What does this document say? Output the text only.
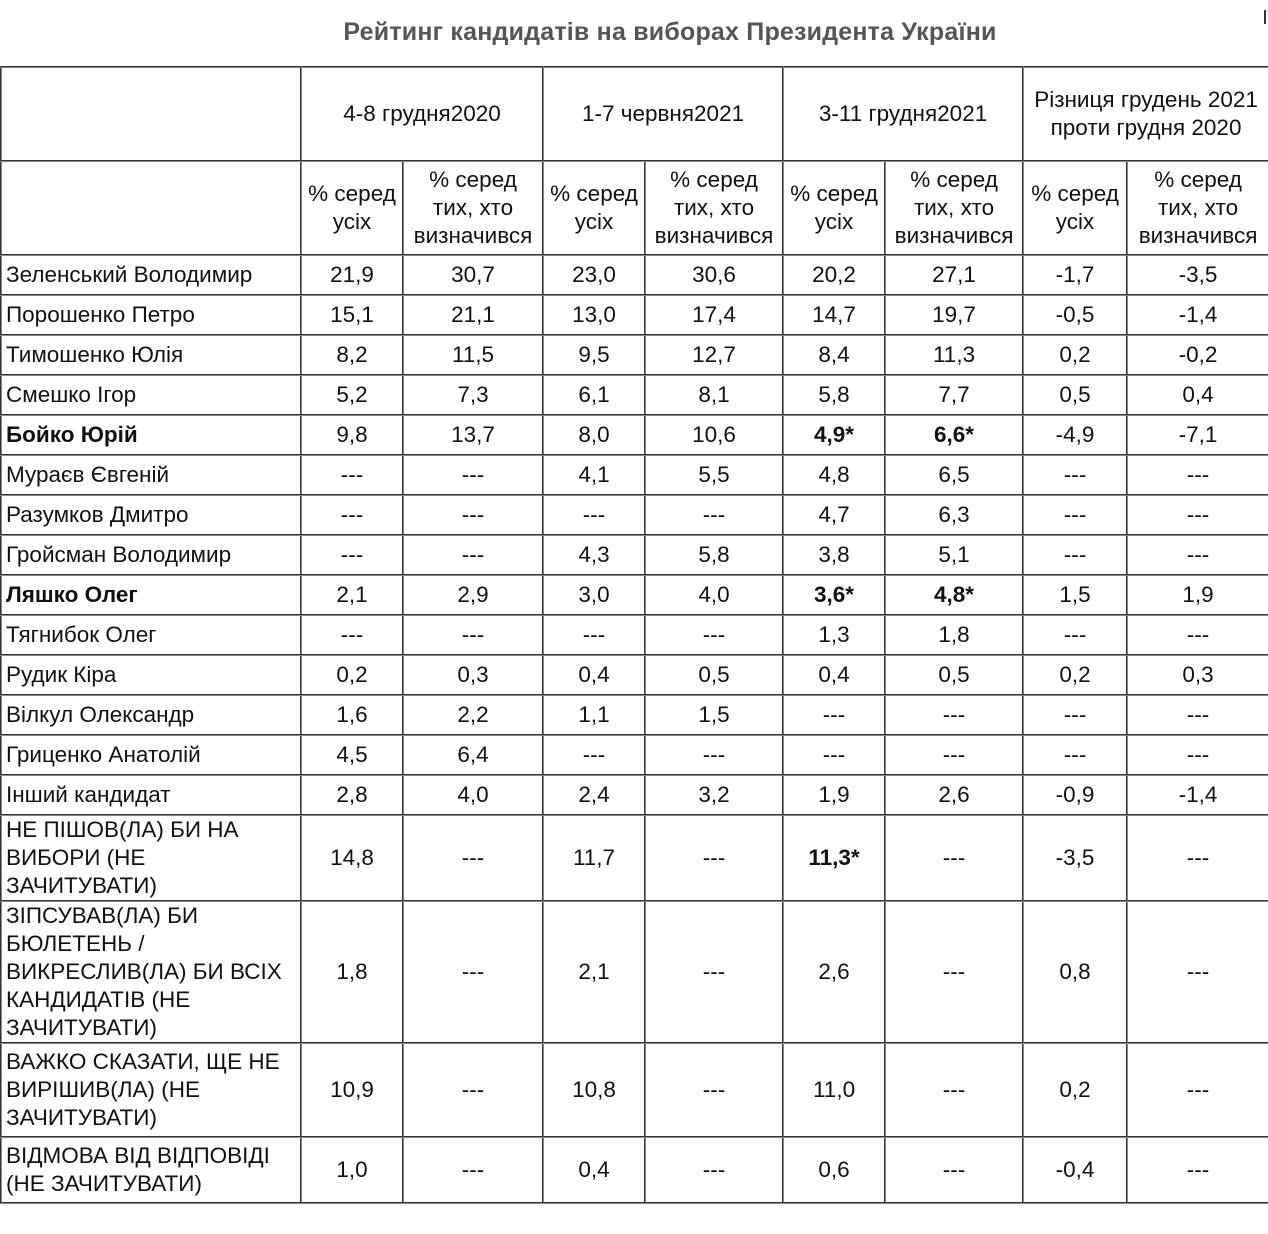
Рейтинг кандидатів на виборах Президента України
	4-8 грудня2020		1-7 червня2021		3-11 грудня2021		Різниця грудень 2021 проти грудня 2020	
	% серед усіх	% серед тих, хто визначився	% серед усіх	% серед тих, хто визначився	% серед усіх	% серед тих, хто визначився	% серед усіх	% серед тих, хто визначився
Зеленський Володимир	21,9	30,7	23,0	30,6	20,2	27,1	-1,7	-3,5
Порошенко Петро	15,1	21,1	13,0	17,4	14,7	19,7	-0,5	-1,4
Тимошенко Юлія	8,2	11,5	9,5	12,7	8,4	11,3	0,2	-0,2
Смешко Ігор	5,2	7,3	6,1	8,1	5,8	7,7	0,5	0,4
Бойко Юрій	9,8	13,7	8,0	10,6	4,9*	6,6*	-4,9	-7,1
Мураєв Євгеній	---	---	4,1	5,5	4,8	6,5	---	---
Разумков Дмитро	---	---	---	---	4,7	6,3	---	---
Гройсман Володимир	---	---	4,3	5,8	3,8	5,1	---	---
Ляшко Олег	2,1	2,9	3,0	4,0	3,6*	4,8*	1,5	1,9
Тягнибок Олег	---	---	---	---	1,3	1,8	---	---
Рудик Кіра	0,2	0,3	0,4	0,5	0,4	0,5	0,2	0,3
Вілкул Олександр	1,6	2,2	1,1	1,5	---	---	---	---
Гриценко Анатолій	4,5	6,4	---	---	---	---	---	---
Інший кандидат	2,8	4,0	2,4	3,2	1,9	2,6	-0,9	-1,4
НЕ ПІШОВ(ЛА) БИ НА ВИБОРИ (НЕ ЗАЧИТУВАТИ)	14,8	---	11,7	---	11,3*	---	-3,5	---
ЗІПСУВАВ(ЛА) БИ БЮЛЕТЕНЬ / ВИКРЕСЛИВ(ЛА) БИ ВСІХ КАНДИДАТІВ (НЕ ЗАЧИТУВАТИ)	1,8	---	2,1	---	2,6	---	0,8	---
ВАЖКО СКАЗАТИ, ЩЕ НЕ ВИРІШИВ(ЛА) (НЕ ЗАЧИТУВАТИ)	10,9	---	10,8	---	11,0	---	0,2	---
ВІДМОВА ВІД ВІДПОВІДІ (НЕ ЗАЧИТУВАТИ)	1,0	---	0,4	---	0,6	---	-0,4	---
